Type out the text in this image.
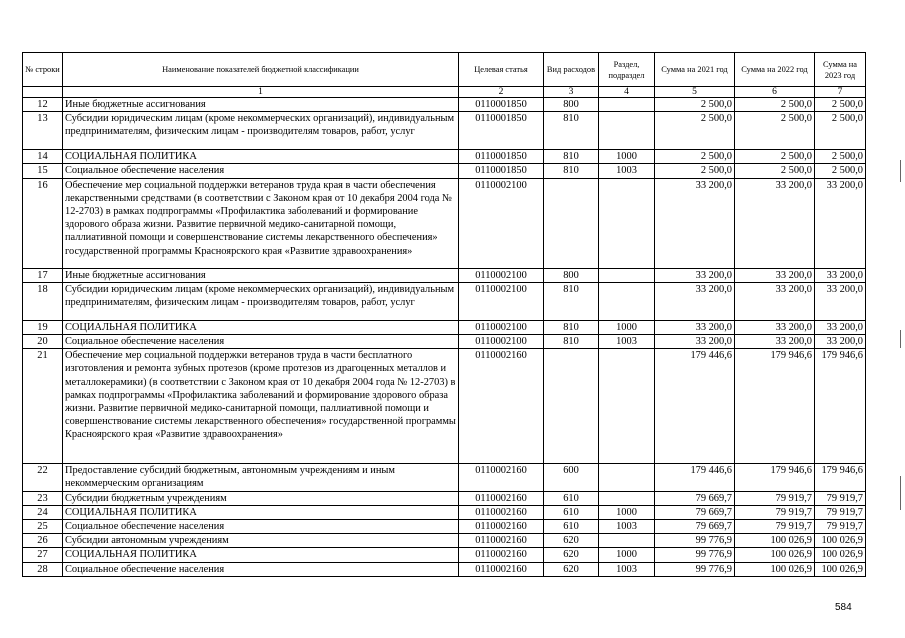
№ строки	Наименование показателей бюджетной классификации	Целевая статья	Вид расходов	Раздел, подраздел	Сумма на 2021 год	Сумма на 2022 год	Сумма на 2023 год
	1	2	3	4	5	6	7
12	Иные бюджетные ассигнования	0110001850	800		2 500,0	2 500,0	2 500,0
13	Субсидии юридическим лицам (кроме некоммерческих организаций), индивидуальным предпринимателям, физическим лицам - производителям товаров, работ, услуг	0110001850	810		2 500,0	2 500,0	2 500,0
14	СОЦИАЛЬНАЯ ПОЛИТИКА	0110001850	810	1000	2 500,0	2 500,0	2 500,0
15	Социальное обеспечение населения	0110001850	810	1003	2 500,0	2 500,0	2 500,0
16	Обеспечение мер социальной поддержки ветеранов труда края в части обеспечения лекарственными средствами (в соответствии с Законом края от 10 декабря 2004 года № 12-2703) в рамках подпрограммы «Профилактика заболеваний и формирование здорового образа жизни. Развитие первичной медико-санитарной помощи, паллиативной помощи и совершенствование системы лекарственного обеспечения» государственной программы Красноярского края «Развитие здравоохранения»	0110002100			33 200,0	33 200,0	33 200,0
17	Иные бюджетные ассигнования	0110002100	800		33 200,0	33 200,0	33 200,0
18	Субсидии юридическим лицам (кроме некоммерческих организаций), индивидуальным предпринимателям, физическим лицам - производителям товаров, работ, услуг	0110002100	810		33 200,0	33 200,0	33 200,0
19	СОЦИАЛЬНАЯ ПОЛИТИКА	0110002100	810	1000	33 200,0	33 200,0	33 200,0
20	Социальное обеспечение населения	0110002100	810	1003	33 200,0	33 200,0	33 200,0
21	Обеспечение мер социальной поддержки ветеранов труда в части бесплатного изготовления и ремонта зубных протезов (кроме протезов из драгоценных металлов и металлокерамики) (в соответствии с Законом края от 10 декабря 2004 года № 12-2703) в рамках подпрограммы «Профилактика заболеваний и формирование здорового образа жизни. Развитие первичной медико-санитарной помощи, паллиативной помощи и совершенствование системы лекарственного обеспечения» государственной программы Красноярского края «Развитие здравоохранения»	0110002160			179 446,6	179 946,6	179 946,6
22	Предоставление субсидий бюджетным, автономным учреждениям и иным некоммерческим организациям	0110002160	600		179 446,6	179 946,6	179 946,6
23	Субсидии бюджетным учреждениям	0110002160	610		79 669,7	79 919,7	79 919,7
24	СОЦИАЛЬНАЯ ПОЛИТИКА	0110002160	610	1000	79 669,7	79 919,7	79 919,7
25	Социальное обеспечение населения	0110002160	610	1003	79 669,7	79 919,7	79 919,7
26	Субсидии автономным учреждениям	0110002160	620		99 776,9	100 026,9	100 026,9
27	СОЦИАЛЬНАЯ ПОЛИТИКА	0110002160	620	1000	99 776,9	100 026,9	100 026,9
28	Социальное обеспечение населения	0110002160	620	1003	99 776,9	100 026,9	100 026,9
584
